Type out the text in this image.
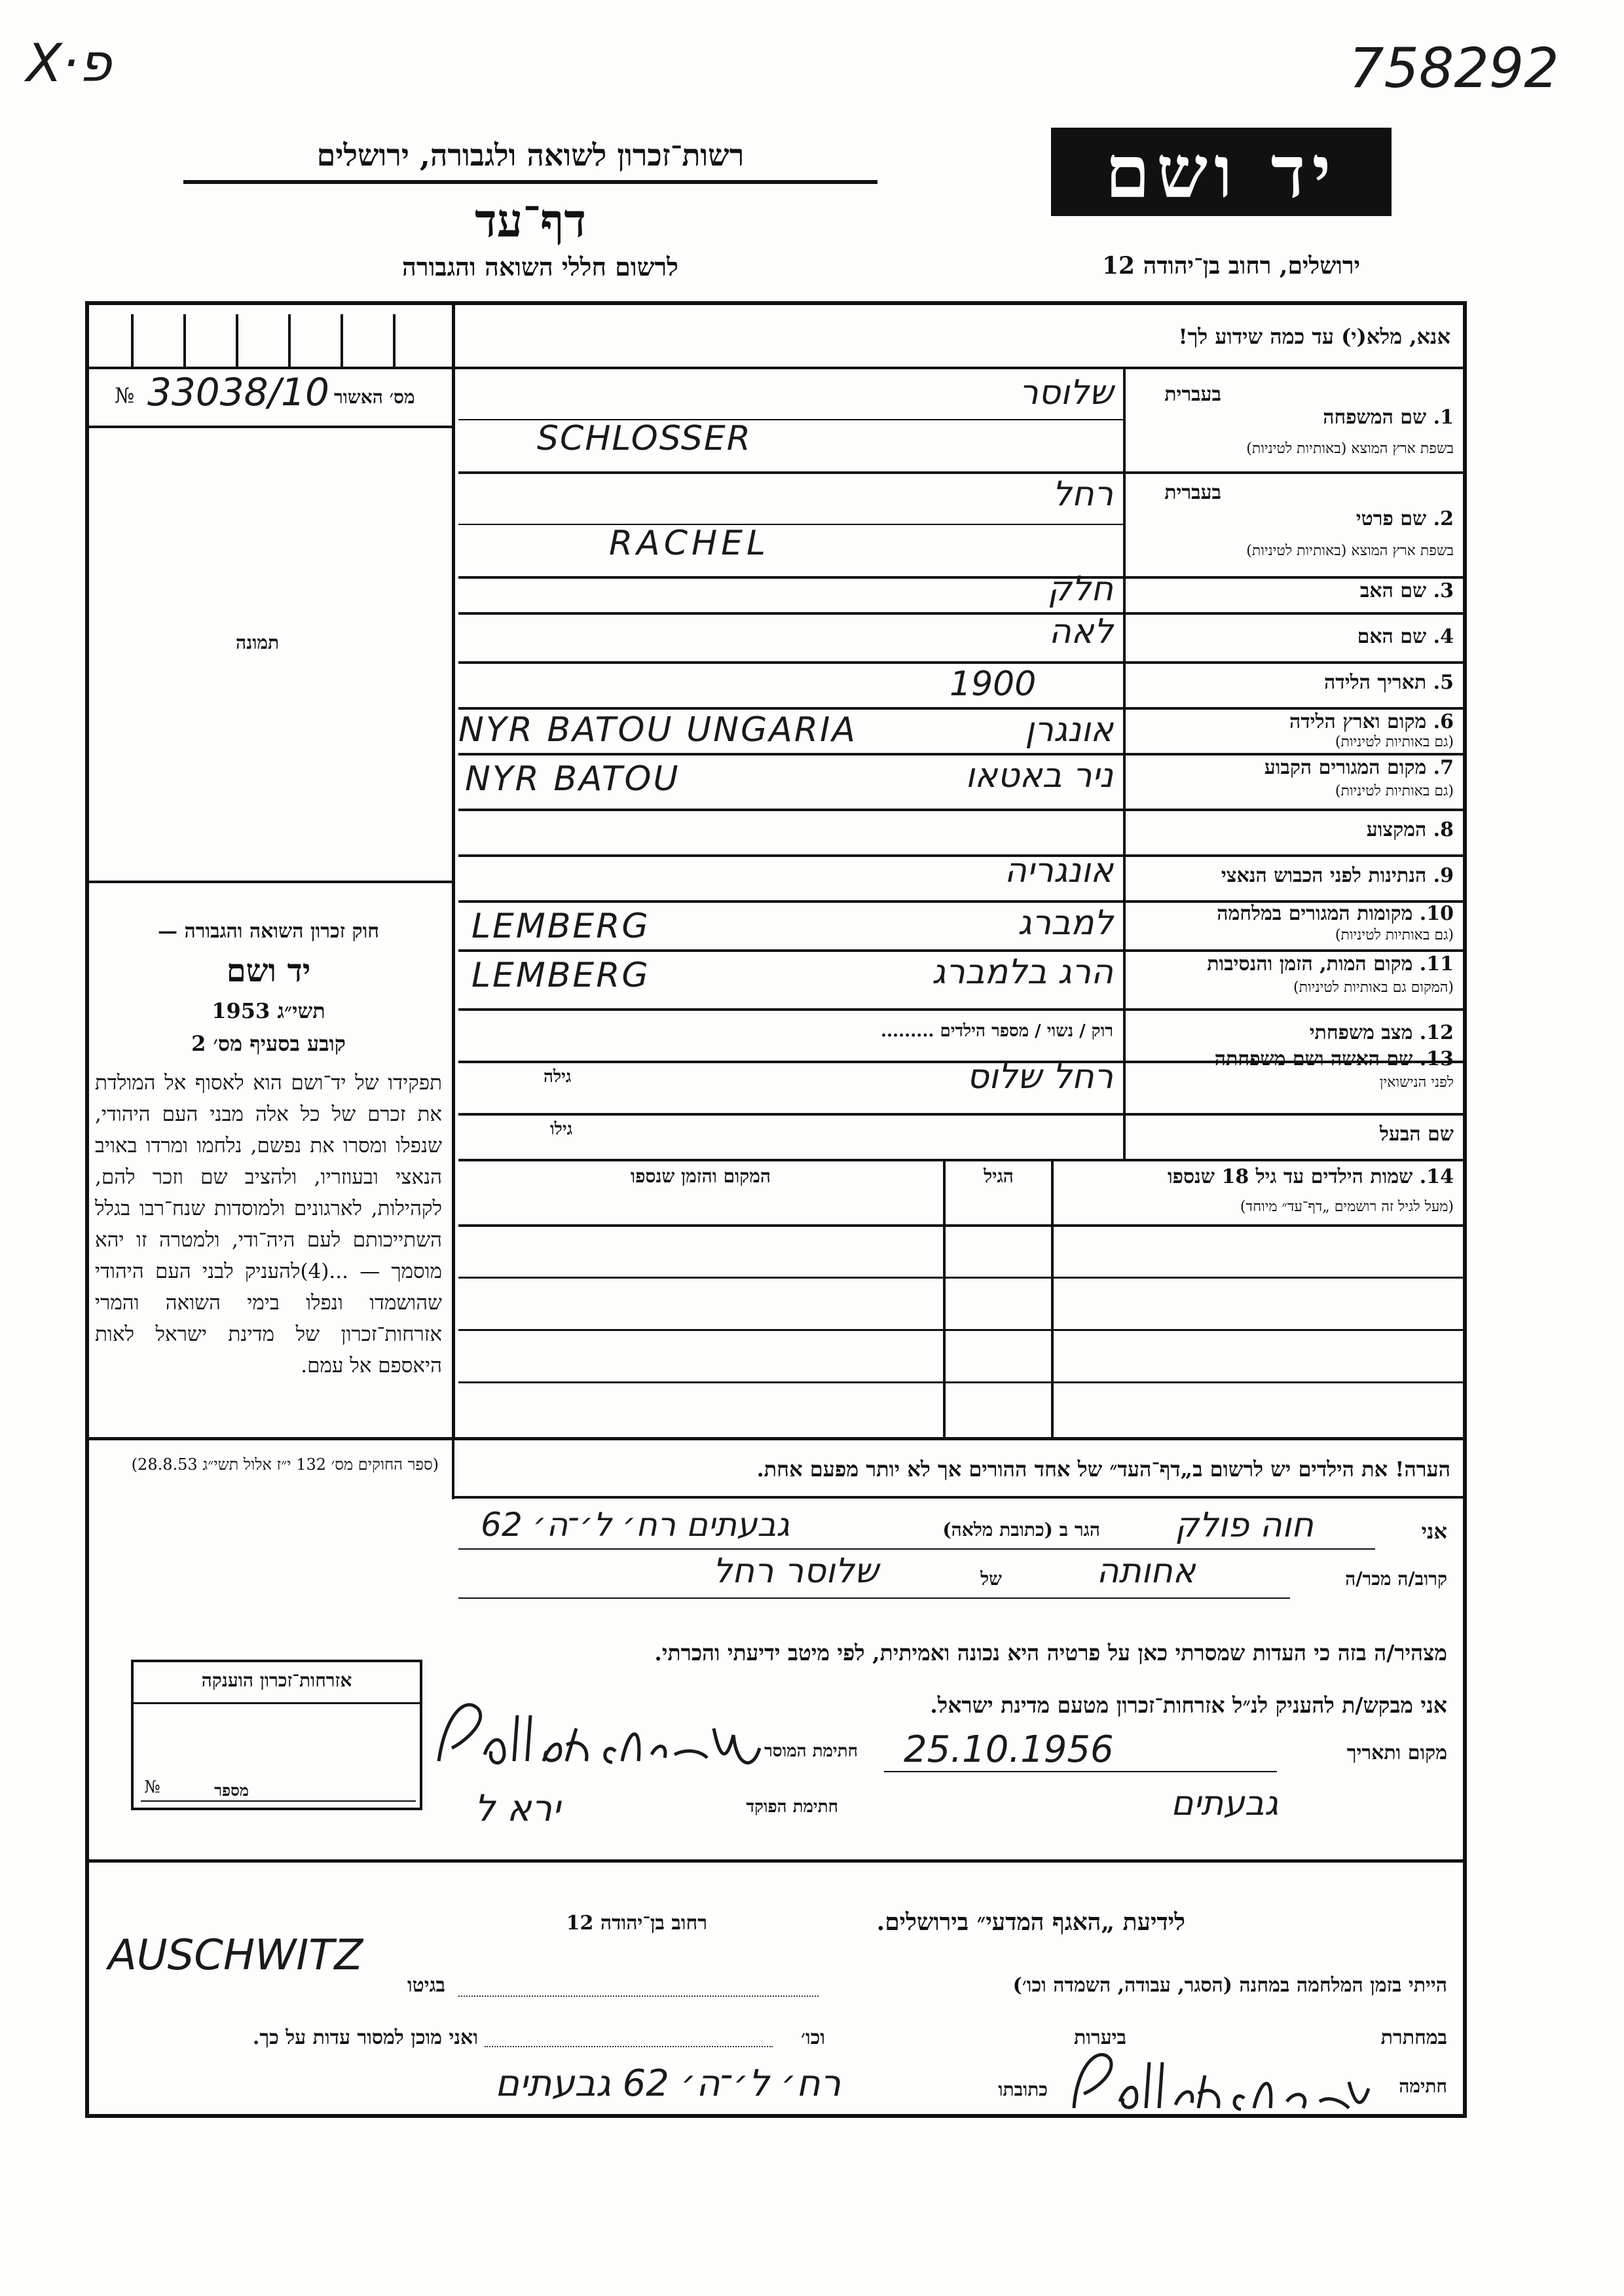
X·פ	758292
רשות־זכרון לשואה ולגבורה, ירושלים
דף־עד
לרשום חללי השואה והגבורה
יד ושם
ירושלים, רחוב בן־יהודה 12
אנא, מלא(י) עד כמה שידוע לך!
מס׳ האשור
№ 33038/10
תמונה
חוק זכרון השואה והגבורה —
יד ושם
תשי״ג 1953
קובע בסעיף מס׳ 2
תפקידו של יד־ושם הוא לאסוף אל המולדת את זכרם של כל אלה מבני העם היהודי, שנפלו ומסרו את נפשם, נלחמו ומרדו באויב הנאצי ובעוזריו, ולהציב שם וזכר להם, לקהילות, לארגונים ולמוסדות שנח־רבו בגלל השתייכותם לעם היה־ודי, ולמטרה זו יהא מוסמך — ...(4)להעניק לבני העם היהודי שהושמדו ונפלו בימי השואה והמרי אזרחות־זכרון של מדינת ישראל לאות היאספם אל עמם.
(ספר החוקים מס׳ 132 י״ז אלול תשי״ג 28.8.53)
בעברית
1. שם המשפחה
בשפת ארץ המוצא (באותיות לטיניות)
שלוסר
SCHLOSSER
בעברית
2. שם פרטי
בשפת ארץ המוצא (באותיות לטיניות)
רחל
RACHEL
3. שם האב
חלק
4. שם האם
לאה
5. תאריך הלידה
1900
6. מקום וארץ הלידה
(גם באותיות לטיניות)
NYR BATOU UNGARIA	אונגרן
7. מקום המגורים הקבוע
(גם באותיות לטיניות)
NYR BATOU	ניר באטאו
8. המקצוע
9. הנתינות לפני הכבוש הנאצי
אונגריה
10. מקומות המגורים במלחמה
(גם באותיות לטיניות)
LEMBERG	למברג
11. מקום המות, הזמן והנסיבות
(המקום גם באותיות לטיניות)
LEMBERG	הרג בלמברג
12. מצב משפחתי
רוק / נשוי / מספר הילדים .........
13. שם האשה ושם משפחתה
לפני הנישואין
גילה	רחל שלוס
שם הבעל
גילו
14. שמות הילדים עד גיל 18 שנספו
(מעל לגיל זה רושמים „דף־עד״ מיוחד)
הגיל
המקום והזמן שנספו
הערה! את הילדים יש לרשום ב„דף־העד״ של אחד ההורים אך לא יותר מפעם אחת.
אני
חוה פולק
הגר ב (כתובת מלאה)
גבעתים רח׳ ל׳־ה׳ 62
קרוב/ה מכר/ה
אחותה
של
שלוסר רחל
מצהיר/ה בזה כי העדות שמסרתי כאן על פרטיה היא נכונה ואמיתית, לפי מיטב ידיעתי והכרתי.
אני מבקש/ת להעניק לנ״ל אזרחות־זכרון מטעם מדינת ישראל.
מקום ותאריך
25.10.1956
חתימת המוסר
גבעתים
חתימת הפוקד
ירא ל
אזרחות־זכרון הוענקה
מספר
№
לידיעת „האגף המדעי״ בירושלים.
רחוב בן־יהודה 12
הייתי בזמן המלחמה במחנה (הסגר, עבודה, השמדה וכו׳)
בגיטו
AUSCHWITZ
במחתרת
ביערות
וכו׳
ואני מוכן למסור עדות על כך.
חתימה
כתובתו
רח׳ ל׳־ה׳ 62 גבעתים
